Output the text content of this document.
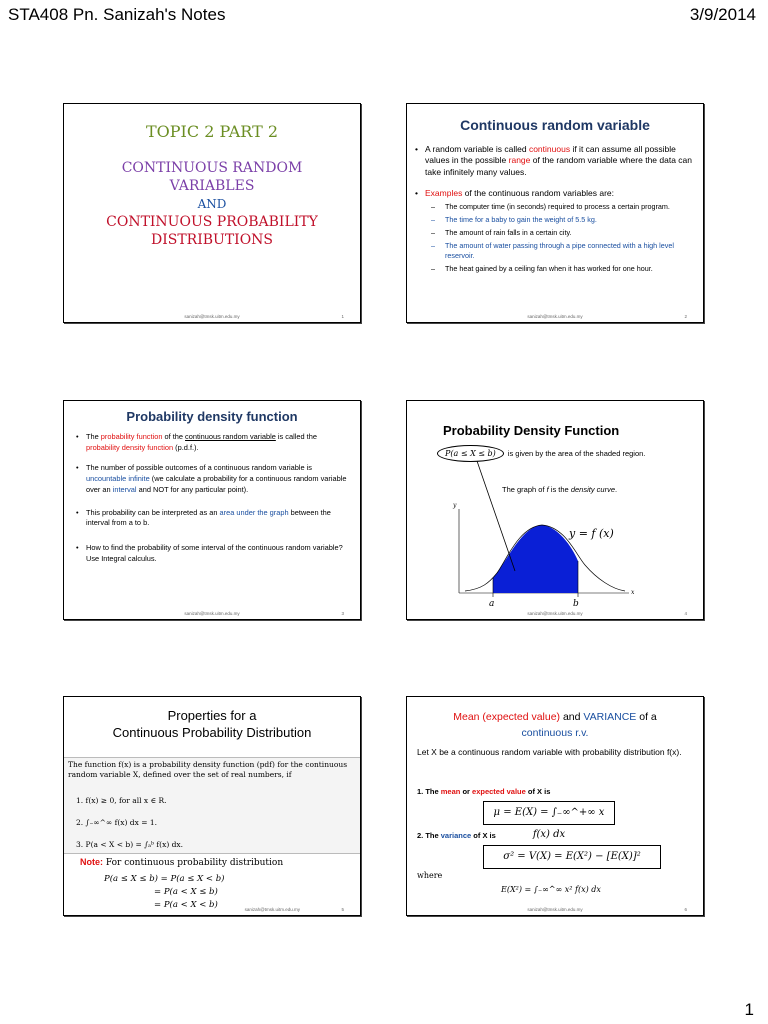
STA408 Pn. Sanizah's Notes	3/9/2014
TOPIC 2 PART 2
CONTINUOUS RANDOM
VARIABLES
AND
CONTINUOUS PROBABILITY
DISTRIBUTIONS
sanizah@tmsk.uitm.edu.my	1
Continuous random variable
• A random variable is called continuous if it can assume all possible values in the possible range of the random variable where the data can take infinitely many values.
• Examples of the continuous random variables are:
– The computer time (in seconds) required to process a certain program.
– The time for a baby to gain the weight of 5.5 kg.
– The amount of rain falls in a certain city.
– The amount of water passing through a pipe connected with a high level reservoir.
– The heat gained by a ceiling fan when it has worked for one hour.
sanizah@tmsk.uitm.edu.my	2
Probability density function
• The probability function of the continuous random variable is called the probability density function (p.d.f.).
• The number of possible outcomes of a continuous random variable is uncountable infinite (we calculate a probability for a continuous random variable over an interval and NOT for any particular point).
• This probability can be interpreted as an area under the graph between the interval from a to b.
• How to find the probability of some interval of the continuous random variable?
Use Integral calculus.
sanizah@tmsk.uitm.edu.my	3
Probability Density Function
P(a ≤ X ≤ b)	is given by the area of the shaded region.
The graph of f is the density curve.
y
x
a	b
y = f (x)
sanizah@tmsk.uitm.edu.my	4
Properties for a
Continuous Probability Distribution
The function f(x) is a probability density function (pdf) for the continuous random variable X, defined over the set of real numbers, if
1. f(x) ≥ 0, for all x ∈ R.
2. ∫₋∞^∞ f(x) dx = 1.
3. P(a < X < b) = ∫ₐᵇ f(x) dx.
Note: For continuous probability distribution
P(a ≤ X ≤ b) = P(a ≤ X < b)
= P(a < X ≤ b)
= P(a < X < b)	sanizah@tmsk.uitm.edu.my	5
Mean (expected value) and VARIANCE of a
continuous r.v.
Let X be a continuous random variable with probability distribution f(x).
1. The mean or expected value of X is
μ = E(X) = ∫₋∞^+∞ x f(x) dx
2. The variance of X is
σ² = V(X) = E(X²) − [E(X)]²
where
E(X²) = ∫₋∞^∞ x² f(x) dx
sanizah@tmsk.uitm.edu.my	6
1
